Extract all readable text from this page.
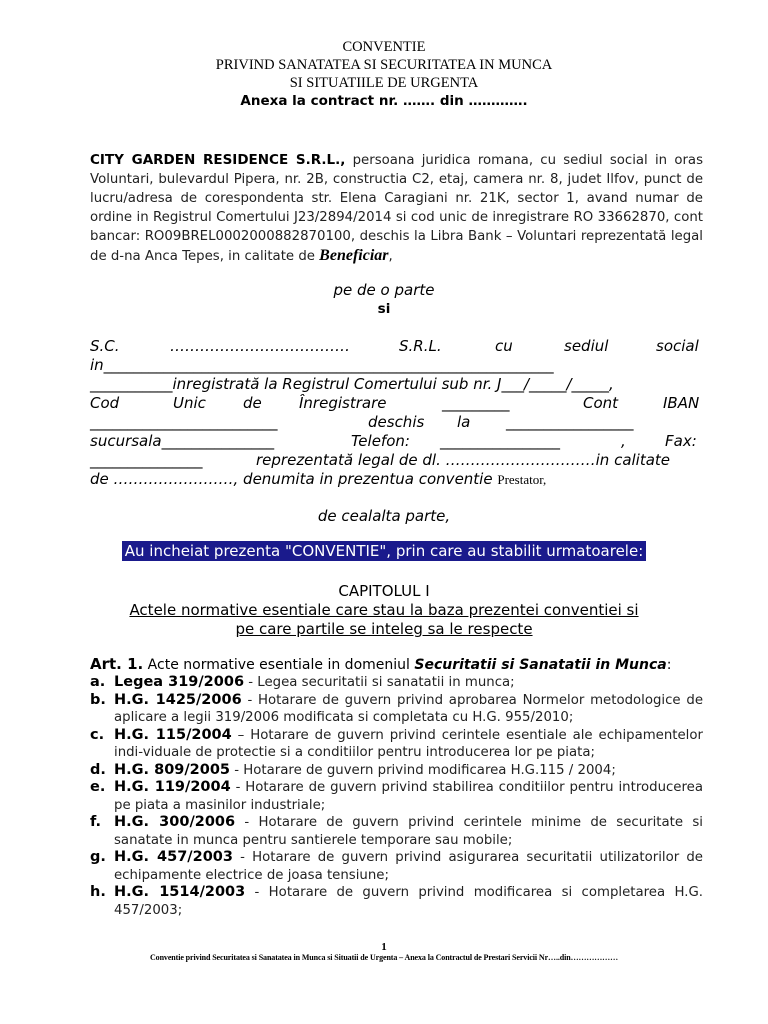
CONVENTIE
PRIVIND SANATATEA SI SECURITATEA IN MUNCA
SI SITUATIILE DE URGENTA
Anexa la contract nr. ……. din ………….
CITY GARDEN RESIDENCE S.R.L., persoana juridica romana, cu sediul social in oras Voluntari, bulevardul Pipera, nr. 2B, constructia C2, etaj, camera nr. 8, judet Ilfov, punct de lucru/adresa de corespondenta str. Elena Caragiani nr. 21K, sector 1, avand numar de ordine in Registrul Comertului J23/2894/2014 si cod unic de inregistrare RO 33662870, cont bancar: RO09BREL0002000882870100, deschis la Libra Bank – Voluntari reprezentată legal de d-na Anca Tepes, in calitate de Beneficiar,
pe de o parte
si
S.C.	………………………………	S.R.L.	cu	sediul	social
in____________________________________________________________
___________inregistrată la Registrul Comertului sub nr. J___/_____/_____,
Cod	Unic de Înregistrare	_________	Cont	IBAN
_________________________	deschis la _________________
sucursala_______________	Telefon: ________________	,	Fax:
_______________	reprezentată legal de dl. …………………………in calitate
de ……………………, denumita in prezentua conventie Prestator,
de cealalta parte,
Au incheiat prezenta "CONVENTIE", prin care au stabilit urmatoarele:
CAPITOLUL I
Actele normative esentiale care stau la baza prezentei conventiei si
pe care partile se inteleg sa le respecte
Art. 1. Acte normative esentiale in domeniul Securitatii si Sanatatii in Munca:
a. Legea 319/2006 - Legea securitatii si sanatatii in munca;
b. H.G. 1425/2006 - Hotarare de guvern privind aprobarea Normelor metodologice de aplicare a legii 319/2006 modificata si completata cu H.G. 955/2010;
c. H.G. 115/2004 – Hotarare de guvern privind cerintele esentiale ale echipamentelor indi-viduale de protectie si a conditiilor pentru introducerea lor pe piata;
d. H.G. 809/2005 - Hotarare de guvern privind modificarea H.G.115 / 2004;
e. H.G. 119/2004 - Hotarare de guvern privind stabilirea conditiilor pentru introducerea pe piata a masinilor industriale;
f. H.G. 300/2006 - Hotarare de guvern privind cerintele minime de securitate si sanatate in munca pentru santierele temporare sau mobile;
g. H.G. 457/2003 - Hotarare de guvern privind asigurarea securitatii utilizatorilor de echipamente electrice de joasa tensiune;
h. H.G. 1514/2003 - Hotarare de guvern privind modificarea si completarea H.G. 457/2003;
1
Conventie privind Securitatea si Sanatatea in Munca si Situatii de Urgenta – Anexa la Contractul de Prestari Servicii Nr…..din………………
